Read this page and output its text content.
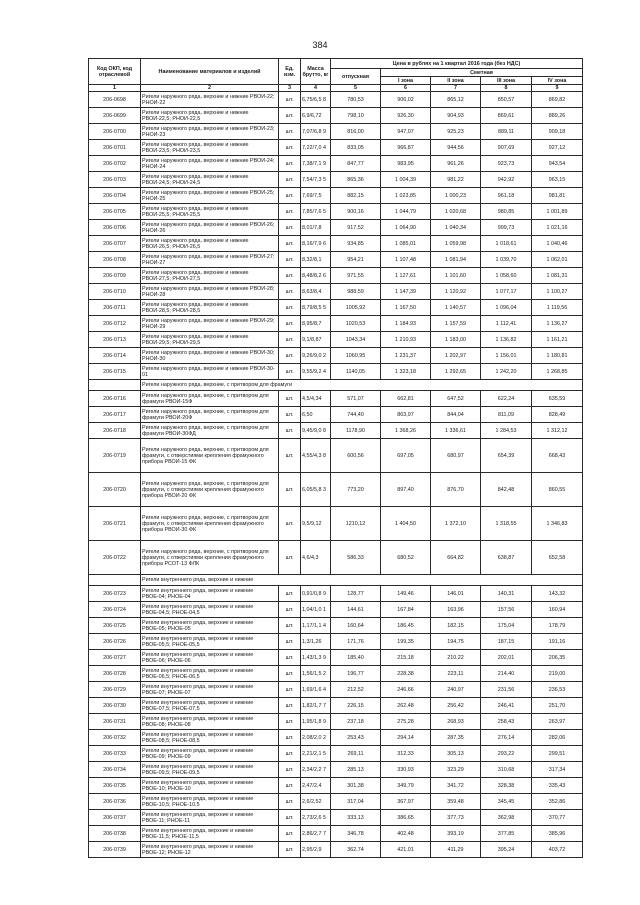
384
Код ОКП, код отраслевой	Наименование материалов и изделий	Ед. изм.	Масса брутто, кг	Цена в рублях на 1 квартал 2016 года (без НДС)				
				отпускная	Сметная			
					I зона	II зона	III зона	IV зона
1	2	3	4	5	6	7	8	9
206-0698	Ригели наружного ряда, верхние и нижние РВОИ-22; РНОИ-22	шт.	6,75/6,5 8	780,53	906,02	865,12	850,57	869,82
206-0699	Ригели наружного ряда, верхние и нижние РВОИ-22,5; РНОИ-22,5	шт.	6,9/6,72	798,10	926,30	904,93	869,61	889,26
206-0700	Ригели наружного ряда, верхние и нижние РВОИ-23; РНОИ-23	шт.	7,07/6,8 9	816,00	947,07	925,23	889,11	909,18
206-0701	Ригели наружного ряда, верхние и нижние РВОИ-23,5; РНОИ-23,5	шт.	7,22/7,0 4	833,05	966,87	944,56	907,69	927,12
206-0702	Ригели наружного ряда, верхние и нижние РВОИ-24; РНОИ-24	шт.	7,38/7,1 9	847,77	983,95	961,26	923,73	943,54
206-0703	Ригели наружного ряда, верхние и нижние РВОИ-24,5; РНОИ-24,5	шт.	7,54/7,3 5	865,36	1 004,39	981,22	942,92	963,15
206-0704	Ригели наружного ряда, верхние и нижние РВОИ-25; РНОИ-25	шт.	7,69/7,5	882,15	1 023,85	1 000,23	961,18	981,81
206-0705	Ригели наружного ряда, верхние и нижние РВОИ-25,5; РНОИ-25,5	шт.	7,85/7,6 5	900,16	1 044,79	1 020,68	980,85	1 001,89
206-0706	Ригели наружного ряда, верхние и нижние РВОИ-26; РНОИ-26	шт.	8,01/7,8	917,52	1 064,90	1 040,34	999,73	1 021,16
206-0707	Ригели наружного ряда, верхние и нижние РВОИ-26,5; РНОИ-26,5	шт.	8,16/7,9 6	934,85	1 085,01	1 059,98	1 018,61	1 040,46
206-0708	Ригели наружного ряда, верхние и нижние РВОИ-27; РНОИ-27	шт.	8,32/8,1	954,21	1 107,48	1 081,94	1 039,70	1 062,01
206-0709	Ригели наружного ряда, верхние и нижние РВОИ-27,5; РНОИ-27,5	шт.	8,48/8,2 6	971,55	1 127,61	1 101,60	1 058,60	1 081,31
206-0710	Ригели наружного ряда, верхние и нижние РВОИ-28; РНОИ-28	шт.	8,63/8,4	988,59	1 147,39	1 120,92	1 077,17	1 100,27
206-0711	Ригели наружного ряда, верхние и нижние РВОИ-28,5; РНОИ-28,5	шт.	8,79/8,5 5	1005,92	1 167,50	1 140,57	1 096,04	1 119,56
206-0712	Ригели наружного ряда, верхние и нижние РВОИ-29; РНОИ-29	шт.	8,95/8,7	1020,53	1 184,93	1 157,59	1 112,41	1 136,27
206-0713	Ригели наружного ряда, верхние и нижние РВОИ-29,5; РНОИ-29,5	шт.	9,1/8,87	1043,34	1 210,93	1 183,00	1 136,82	1 161,21
206-0714	Ригели наружного ряда, верхние и нижние РВОИ-30; РНОИ-30	шт.	9,26/9,0 2	1060,95	1 231,37	1 202,97	1 156,01	1 180,81
206-0715	Ригели наружного ряда, верхние и нижние РВОИ-30-01	шт.	9,55/9,2 4	1140,05	1 323,18	1 292,65	1 242,20	1 268,85
	Ригели наружного ряда, верхние, с притвором для фрамуги							
206-0716	Ригели наружного ряда, верхние, с притвором для фрамуги РВОИ-15Ф	шт.	4,5/4,34	571,07	662,81	647,52	622,24	635,59
206-0717	Ригели наружного ряда, верхние, с притвором для фрамуги РВОИ-20Ф	шт.	6,50	744,40	863,97	844,04	811,09	828,49
206-0718	Ригели наружного ряда, верхние, с притвором для фрамуги РВОИ-30ФД	шт.	9,45/9,0 8	1178,90	1 368,26	1 336,61	1 284,53	1 312,12
206-0719	Ригели наружного ряда, верхние, с притвором для фрамуги, с отверстиями крепления фрамужного прибора РВОИ-15 ФК	шт.	4,55/4,3 8	600,56	697,05	680,97	654,39	668,43
206-0720	Ригели наружного ряда, верхние, с притвором для фрамуги, с отверстиями крепления фрамужного прибора РВОИ-20 ФК	шт.	6,05/5,8 3	773,20	897,40	876,70	842,48	860,55
206-0721	Ригели наружного ряда, верхние, с притвором для фрамуги, с отверстиями крепления фрамужного прибора РВОИ-30 ФК	шт.	9,5/9,12	1210,12	1 404,50	1 372,10	1 318,55	1 346,83
206-0722	Ригели наружного ряда, верхние, с притвором для фрамуги, с отверстиями крепления фрамужного прибора РСОТ-13 ФЛК	шт.	4,6/4,3	586,33	680,52	664,82	638,87	652,58
	Ригели внутреннего ряда, верхние и нижние							
206-0723	Ригели внутреннего ряда, верхние и нижние РВОЕ-04; РНОЕ-04	шт.	0,91/0,8 9	128,77	149,46	146,01	140,31	143,32
206-0724	Ригели внутреннего ряда, верхние и нижние РВОЕ-04,5; РНОЕ-04,5	шт.	1,04/1,0 1	144,61	167,84	163,96	157,56	160,94
206-0725	Ригели внутреннего ряда, верхние и нижние РВОЕ-05; РНОЕ-05	шт.	1,17/1,1 4	160,64	186,45	182,15	175,04	178,79
206-0726	Ригели внутреннего ряда, верхние и нижние РВОЕ-05,5; РНОЕ-05,5	шт.	1,3/1,26	171,76	199,35	194,75	187,15	191,16
206-0727	Ригели внутреннего ряда, верхние и нижние РВОЕ-06; РНОЕ-06	шт.	1,43/1,3 9	185,40	215,18	210,22	202,01	206,35
206-0728	Ригели внутреннего ряда, верхние и нижние РВОЕ-06,5; РНОЕ-06,5	шт.	1,56/1,5 2	196,77	228,38	223,11	214,40	219,00
206-0729	Ригели внутреннего ряда, верхние и нижние РВОЕ-07; РНОЕ-07	шт.	1,69/1,6 4	212,52	246,66	240,97	231,56	236,53
206-0730	Ригели внутреннего ряда, верхние и нижние РВОЕ-07,5; РНОЕ-07,5	шт.	1,82/1,7 7	226,15	262,48	256,42	246,41	251,70
206-0731	Ригели внутреннего ряда, верхние и нижние РВОЕ-08; РНОЕ-08	шт.	1,95/1,8 9	237,18	275,28	268,93	258,43	263,97
206-0732	Ригели внутреннего ряда, верхние и нижние РВОЕ-08,5; РНОЕ-08,5	шт.	2,08/2,0 2	253,43	294,14	287,35	276,14	282,06
206-0733	Ригели внутреннего ряда, верхние и нижние РВОЕ-09; РНОЕ-09	шт.	2,21/2,1 5	269,11	312,33	305,13	293,22	299,51
206-0734	Ригели внутреннего ряда, верхние и нижние РВОЕ-09,5; РНОЕ-09,5	шт.	2,34/2,2 7	285,13	330,93	323,29	310,68	317,34
206-0735	Ригели внутреннего ряда, верхние и нижние РВОЕ-10; РНОЕ-10	шт.	2,47/2,4	301,38	349,79	341,72	328,38	335,43
206-0736	Ригели внутреннего ряда, верхние и нижние РВОЕ-10,5; РНОЕ-10,5	шт.	2,6/2,52	317,04	367,97	359,48	345,45	352,86
206-0737	Ригели внутреннего ряда, верхние и нижние РВОЕ-11; РНОЕ-11	шт.	2,73/2,6 5	333,13	386,65	377,73	362,98	370,77
206-0738	Ригели внутреннего ряда, верхние и нижние РВОЕ-11,5; РНОЕ-11,5	шт.	2,86/2,7 7	346,78	402,48	393,19	377,85	385,96
206-0739	Ригели внутреннего ряда, верхние и нижние РВОЕ-12; РНОЕ-12	шт.	2,95/2,9	362,74	421,01	411,29	395,24	403,72
